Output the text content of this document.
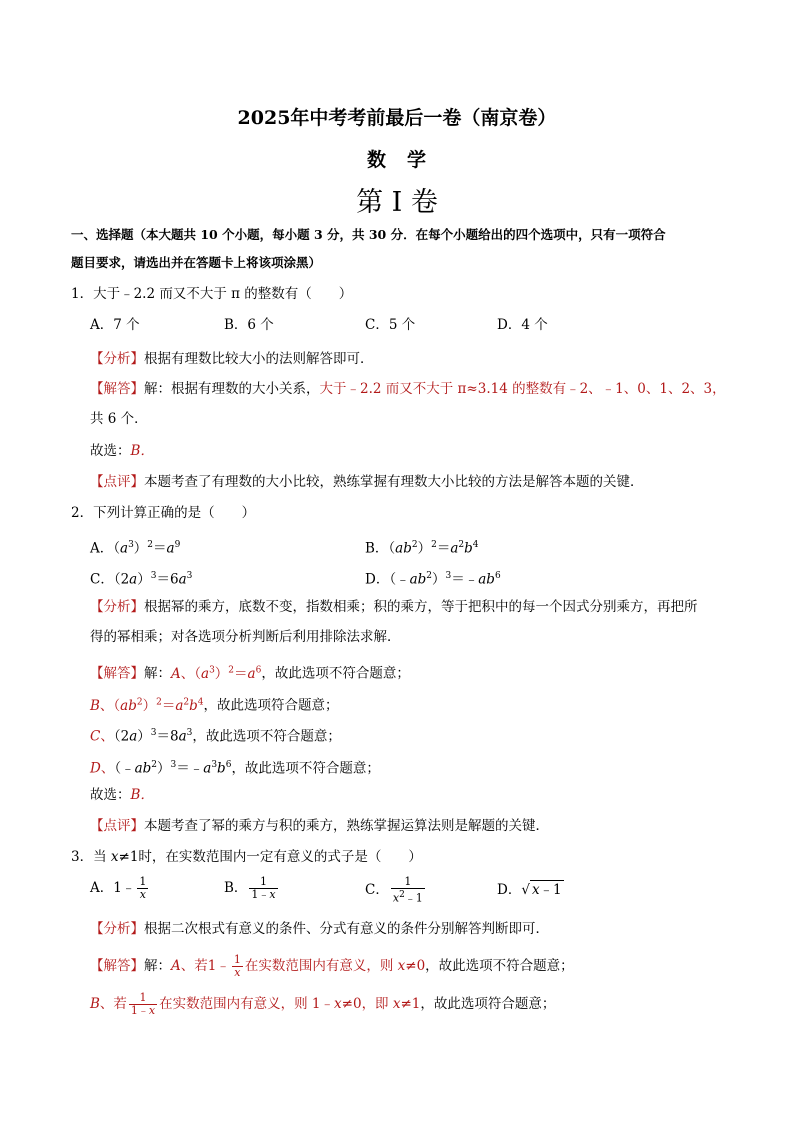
2025年中考考前最后一卷（南京卷）
数　学
第 I 卷
一、选择题（本大题共 10 个小题，每小题 3 分，共 30 分．在每个小题给出的四个选项中，只有一项符合
题目要求，请选出并在答题卡上将该项涂黑）
1．大于﹣2.2 而又不大于 π 的整数有（　　）
A．7 个	B．6 个	C．5 个	D．4 个
【分析】根据有理数比较大小的法则解答即可．
【解答】解：根据有理数的大小关系，大于﹣2.2 而又不大于 π≈3.14 的整数有﹣2、﹣1、0、1、2、3，
共 6 个．
故选：B．
【点评】本题考查了有理数的大小比较，熟练掌握有理数大小比较的方法是解答本题的关键．
2．下列计算正确的是（　　）
A．$(a^3)^2=a^9$	B．$(ab^2)^2=a^2b^4$
C．$(2a)^3=6a^3$	D．$(﹣ab^2)^3=﹣ab^6$
【分析】根据幂的乘方，底数不变，指数相乘；积的乘方，等于把积中的每一个因式分别乘方，再把所
得的幂相乘；对各选项分析判断后利用排除法求解．
【解答】解：A、$(a^3)^2=a^6$，故此选项不符合题意；
B、$(ab^2)^2=a^2b^4$，故此选项符合题意；
C、$(2a)^3=8a^3$，故此选项不符合题意；
D、$(﹣ab^2)^3=﹣a^3b^6$，故此选项不符合题意；
故选：B．
【点评】本题考查了幂的乘方与积的乘方，熟练掌握运算法则是解题的关键．
3．当 x≠1时，在实数范围内一定有意义的式子是（　　）
A．1﹣ $\frac{1}{x}$	B． $\frac{1}{1﹣x}$	C． $\frac{1}{x^2﹣1}$	D．√ x﹣1
【分析】根据二次根式有意义的条件、分式有意义的条件分别解答判断即可．
【解答】解：A、若1﹣ $\frac{1}{x}$ 在实数范围内有意义，则 x≠0，故此选项不符合题意；
B、若 $\frac{1}{1﹣x}$ 在实数范围内有意义，则 1﹣x≠0，即 x≠1，故此选项符合题意；
